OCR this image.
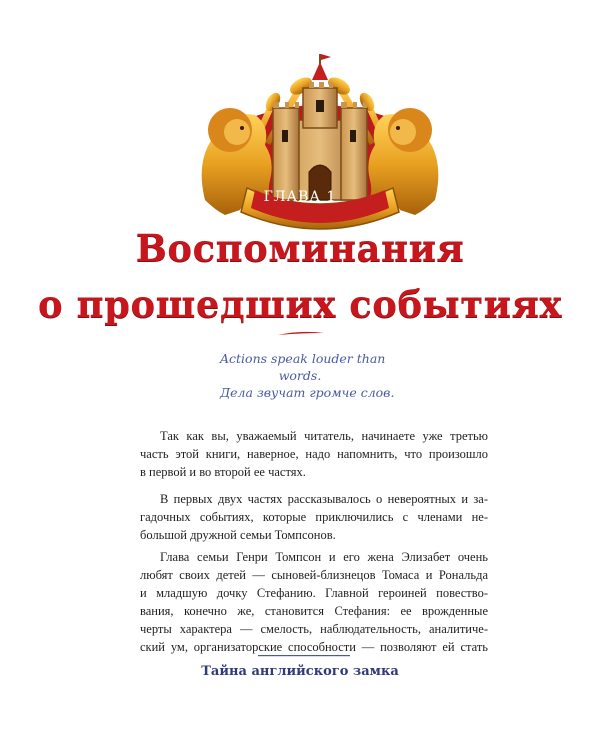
ГЛАВА 1
Воспоминания
о прошедших событиях
Actions speak louder than
words.
Дела звучат громче слов.
Так как вы, уважаемый читатель, начинаете уже третью
часть этой книги, наверное, надо напомнить, что произошло
в первой и во второй ее частях.
В первых двух частях рассказывалось о невероятных и за-
гадочных событиях, которые приключились с членами не-
большой дружной семьи Томпсонов.
Глава семьи Генри Томпсон и его жена Элизабет очень
любят своих детей — сыновей-близнецов Томаса и Рональда
и младшую дочку Стефанию. Главной героиней повество-
вания, конечно же, становится Стефания: ее врожденные
черты характера — смелость, наблюдательность, аналитиче-
ский ум, организаторские способности — позволяют ей стать
Тайна английского замка
